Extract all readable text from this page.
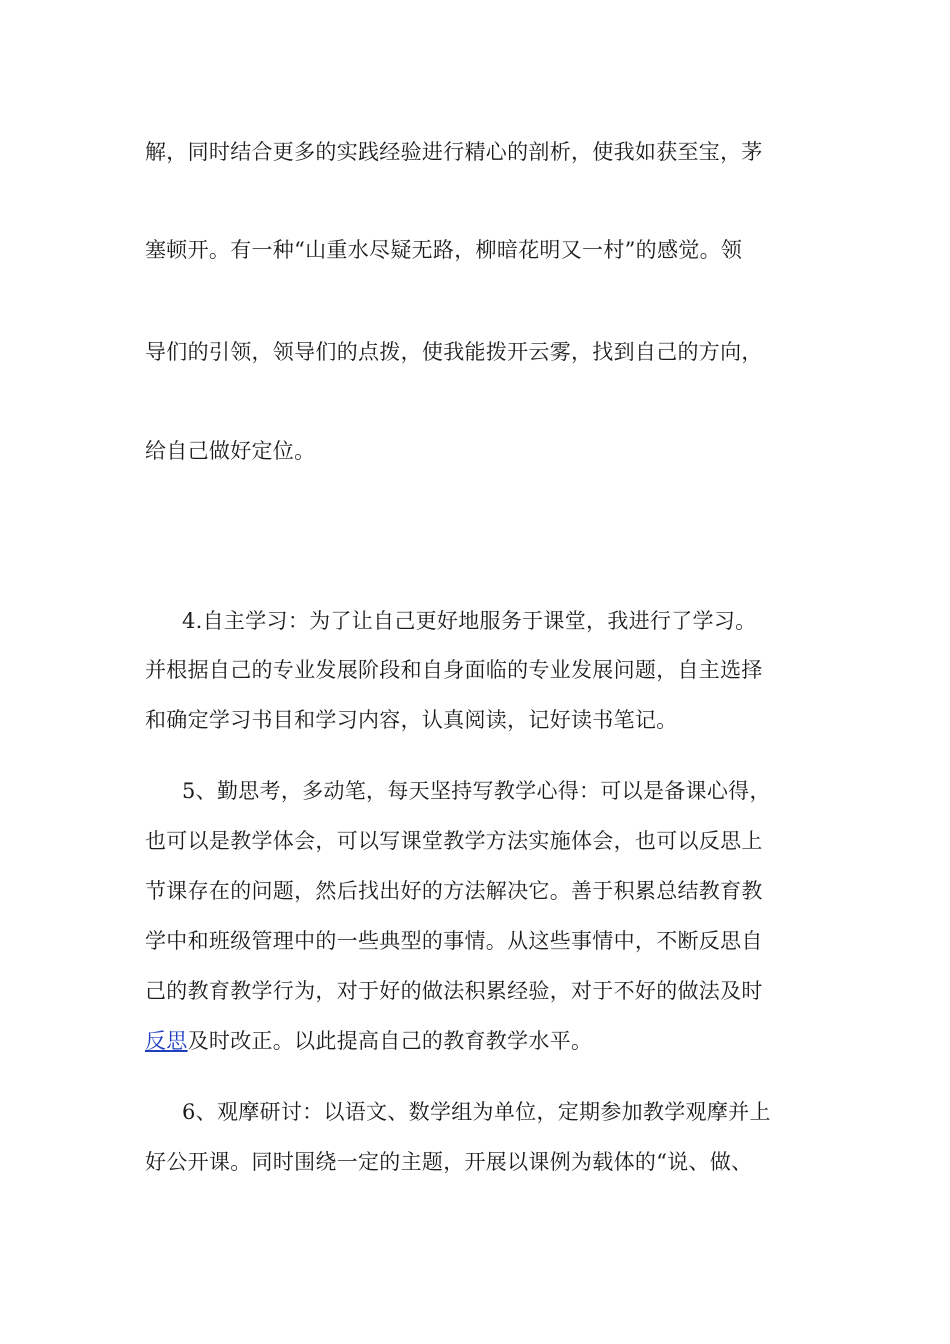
解，同时结合更多的实践经验进行精心的剖析，使我如获至宝，茅
塞顿开。有一种“山重水尽疑无路，柳暗花明又一村”的感觉。领
导们的引领，领导们的点拨，使我能拨开云雾，找到自己的方向，
给自己做好定位。
4.自主学习：为了让自己更好地服务于课堂，我进行了学习。
并根据自己的专业发展阶段和自身面临的专业发展问题，自主选择
和确定学习书目和学习内容，认真阅读，记好读书笔记。
5、勤思考，多动笔，每天坚持写教学心得：可以是备课心得，
也可以是教学体会，可以写课堂教学方法实施体会，也可以反思上
节课存在的问题，然后找出好的方法解决它。善于积累总结教育教
学中和班级管理中的一些典型的事情。从这些事情中，不断反思自
己的教育教学行为，对于好的做法积累经验，对于不好的做法及时
反思及时改正。以此提高自己的教育教学水平。
6、观摩研讨：以语文、数学组为单位，定期参加教学观摩并上
好公开课。同时围绕一定的主题，开展以课例为载体的“说、做、
